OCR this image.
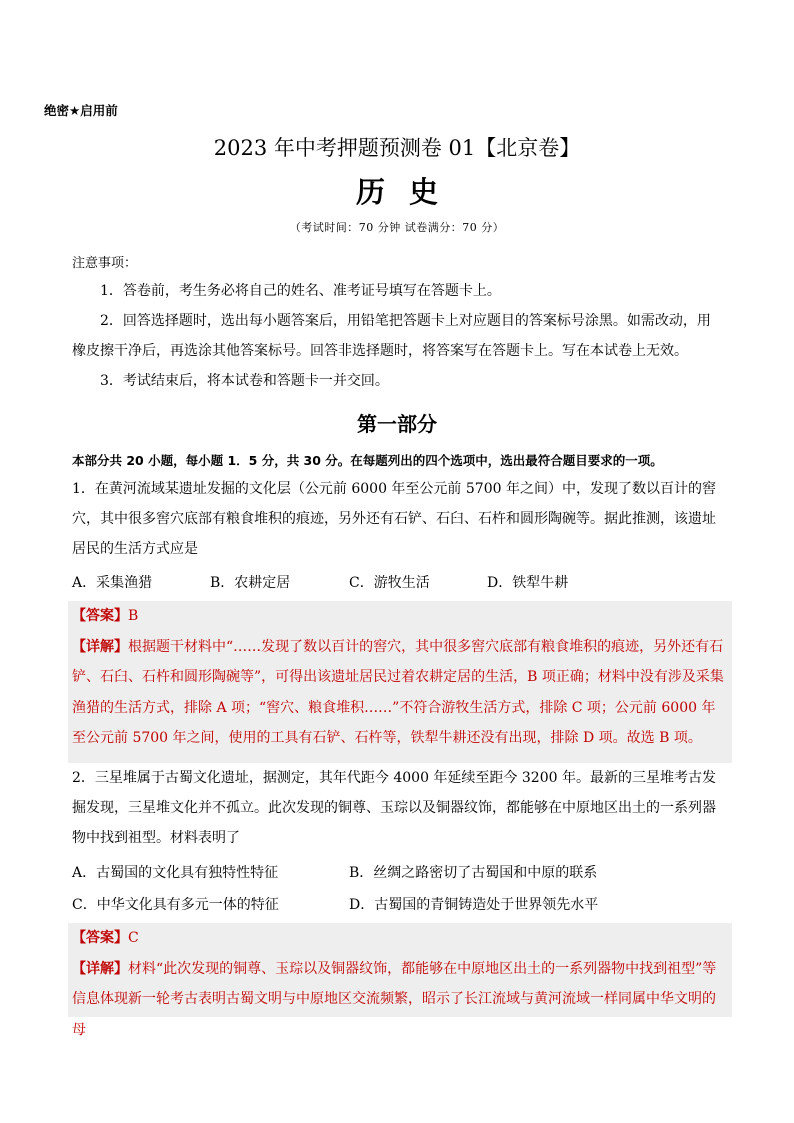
绝密★启用前
2023 年中考押题预测卷 01【北京卷】
历史
（考试时间：70 分钟 试卷满分：70 分）
注意事项：

1．答卷前，考生务必将自己的姓名、准考证号填写在答题卡上。

2．回答选择题时，选出每小题答案后，用铅笔把答题卡上对应题目的答案标号涂黑。如需改动，用橡皮擦干净后，再选涂其他答案标号。回答非选择题时，将答案写在答题卡上。写在本试卷上无效。

3．考试结束后，将本试卷和答题卡一并交回。

第一部分
本部分共 20 小题，每小题 1．5 分，共 30 分。在每题列出的四个选项中，选出最符合题目要求的一项。
1．在黄河流域某遗址发掘的文化层（公元前 6000 年至公元前 5700 年之间）中，发现了数以百计的窖穴，其中很多窖穴底部有粮食堆积的痕迹，另外还有石铲、石臼、石杵和圆形陶碗等。据此推测，该遗址居民的生活方式应是
A．采集渔猎	B．农耕定居	C．游牧生活	D．铁犁牛耕
【答案】B
【详解】根据题干材料中“……发现了数以百计的窖穴，其中很多窖穴底部有粮食堆积的痕迹，另外还有石铲、石臼、石杵和圆形陶碗等”，可得出该遗址居民过着农耕定居的生活，B 项正确；材料中没有涉及采集渔猎的生活方式，排除 A 项；“窖穴、粮食堆积……”不符合游牧生活方式，排除 C 项；公元前 6000 年至公元前 5700 年之间，使用的工具有石铲、石杵等，铁犁牛耕还没有出现，排除 D 项。故选 B 项。
2．三星堆属于古蜀文化遗址，据测定，其年代距今 4000 年延续至距今 3200 年。最新的三星堆考古发掘发现，三星堆文化并不孤立。此次发现的铜尊、玉琮以及铜器纹饰，都能够在中原地区出土的一系列器物中找到祖型。材料表明了
A．古蜀国的文化具有独特性特征	B．丝绸之路密切了古蜀国和中原的联系
C．中华文化具有多元一体的特征	D．古蜀国的青铜铸造处于世界领先水平
【答案】C
【详解】材料“此次发现的铜尊、玉琮以及铜器纹饰，都能够在中原地区出土的一系列器物中找到祖型”等信息体现新一轮考古表明古蜀文明与中原地区交流频繁，昭示了长江流域与黄河流域一样同属中华文明的母
